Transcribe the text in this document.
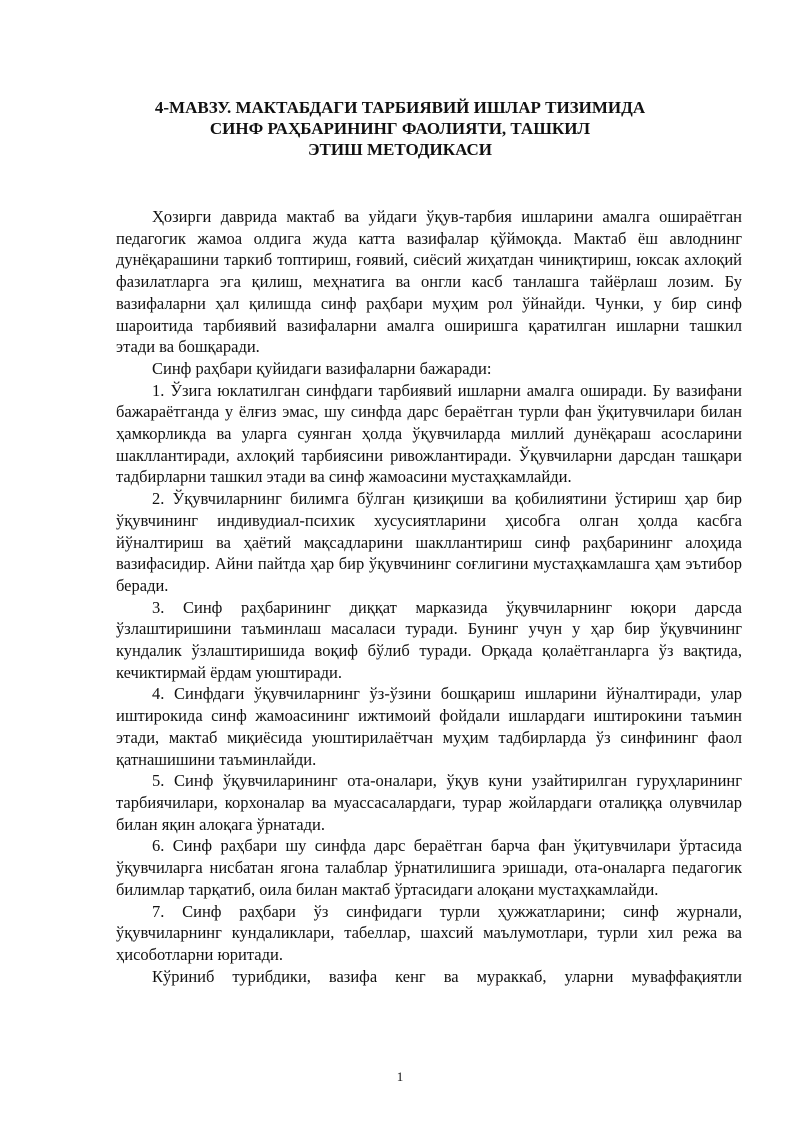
4-МАВЗУ. МАКТАБДАГИ ТАРБИЯВИЙ ИШЛАР ТИЗИМИДА
СИНФ РАҲБАРИНИНГ ФАОЛИЯТИ, ТАШКИЛ
ЭТИШ МЕТОДИКАСИ

Ҳозирги даврида мактаб ва уйдаги ўқув-тарбия ишларини амалга ошираётган педагогик жамоа олдига жуда катта вазифалар қўймоқда. Мактаб ёш авлоднинг дунёқарашини таркиб топтириш, ғоявий, сиёсий жиҳатдан чиниқтириш, юксак ахлоқий фазилатларга эга қилиш, меҳнатига ва онгли касб танлашга тайёрлаш лозим. Бу вазифаларни ҳал қилишда синф раҳбари муҳим рол ўйнайди. Чунки, у бир синф шароитида тарбиявий вазифаларни амалга оширишга қаратилган ишларни ташкил этади ва бошқаради.

Синф раҳбари қуйидаги вазифаларни бажаради:

1. Ўзига юклатилган синфдаги тарбиявий ишларни амалга оширади. Бу вазифани бажараётганда у ёлғиз эмас, шу синфда дарс бераётган турли фан ўқитувчилари билан ҳамкорликда ва уларга суянган ҳолда ўқувчиларда миллий дунёқараш асосларини шакллантиради, ахлоқий тарбиясини ривожлантиради. Ўқувчиларни дарсдан ташқари тадбирларни ташкил этади ва синф жамоасини мустаҳкамлайди.

2. Ўқувчиларнинг билимга бўлган қизиқиши ва қобилиятини ўстириш ҳар бир ўқувчининг индивудиал-психик хусусиятларини ҳисобга олган ҳолда касбга йўналтириш ва ҳаётий мақсадларини шакллантириш синф раҳбарининг алоҳида вазифасидир. Айни пайтда ҳар бир ўқувчининг соғлигини мустаҳкамлашга ҳам эътибор беради.

3. Синф раҳбарининг диққат марказида ўқувчиларнинг юқори дарсда ўзлаштиришини таъминлаш масаласи туради. Бунинг учун у ҳар бир ўқувчининг кундалик ўзлаштиришида воқиф бўлиб туради. Орқада қолаётганларга ўз вақтида, кечиктирмай ёрдам уюштиради.

4. Синфдаги ўқувчиларнинг ўз-ўзини бошқариш ишларини йўналтиради, улар иштирокида синф жамоасининг ижтимоий фойдали ишлардаги иштирокини таъмин этади, мактаб миқиёсида уюштирилаётчан муҳим тадбирларда ўз синфининг фаол қатнашишини таъминлайди.

5. Синф ўқувчиларининг ота-оналари, ўқув куни узайтирилган гуруҳларининг тарбиячилари, корхоналар ва муассасалардаги, турар жойлардаги оталиққа олувчилар билан яқин алоқага ўрнатади.

6. Синф раҳбари шу синфда дарс бераётган барча фан ўқитувчилари ўртасида ўқувчиларга нисбатан ягона талаблар ўрнатилишига эришади, ота-оналарга педагогик билимлар тарқатиб, оила билан мактаб ўртасидаги алоқани мустаҳкамлайди.

7. Синф раҳбари ўз синфидаги турли ҳужжатларини; синф журнали, ўқувчиларнинг кундаликлари, табеллар, шахсий маълумотлари, турли хил режа ва ҳисоботларни юритади.

Кўриниб турибдики, вазифа кенг ва мураккаб, уларни муваффақиятли

1
